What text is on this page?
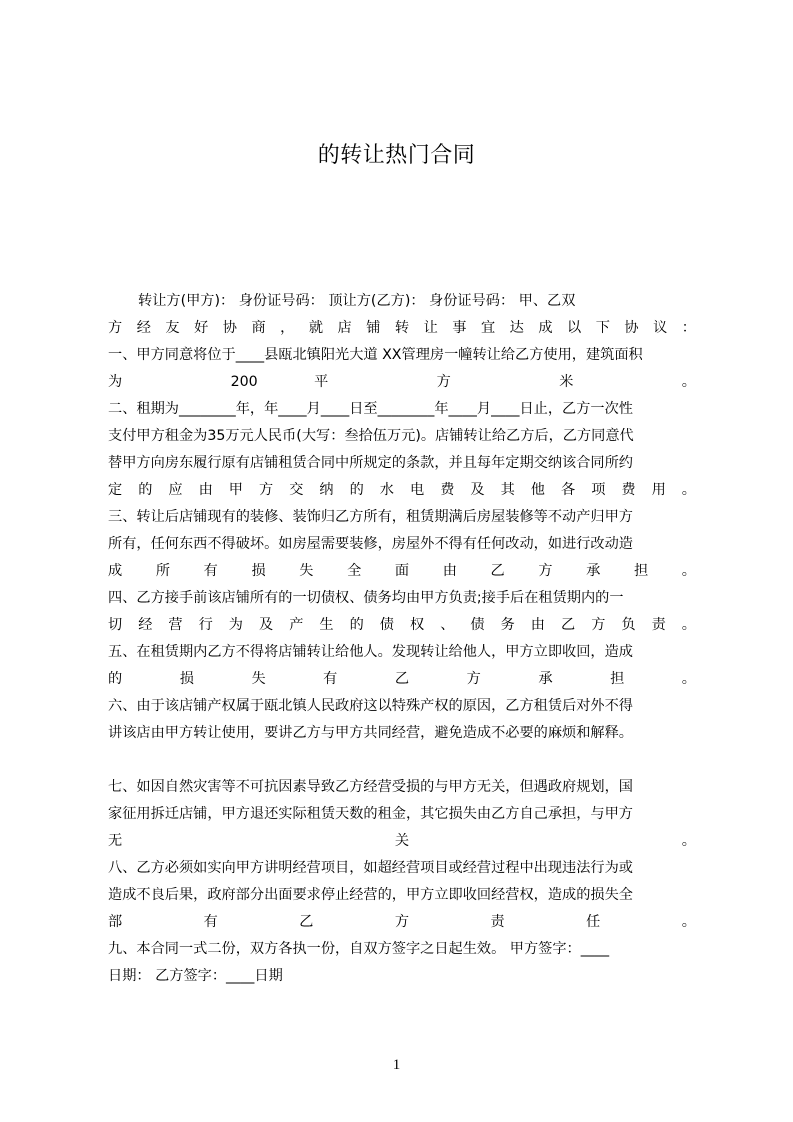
的转让热门合同
转让方(甲方)： 身份证号码： 顶让方(乙方)： 身份证号码： 甲、乙双
方经友好协商，就店铺转让事宜达成以下协议：
一、甲方同意将位于____县瓯北镇阳光大道 XX管理房一幢转让给乙方使用，建筑面积
为 200 平 方 米 。
二、租期为________年，年____月____日至________年____月____日止，乙方一次性
支付甲方租金为35万元人民币(大写：叁拾伍万元)。店铺转让给乙方后，乙方同意代
替甲方向房东履行原有店铺租赁合同中所规定的条款，并且每年定期交纳该合同所约
定的应由甲方交纳的水电费及其他各项费用。
三、转让后店铺现有的装修、装饰归乙方所有，租赁期满后房屋装修等不动产归甲方
所有，任何东西不得破坏。如房屋需要装修，房屋外不得有任何改动，如进行改动造
成 所 有 损 失 全 面 由 乙 方 承 担 。
四、乙方接手前该店铺所有的一切债权、债务均由甲方负责;接手后在租赁期内的一
切经营行为及产生的债权、债务由乙方负责。
五、在租赁期内乙方不得将店铺转让给他人。发现转让给他人，甲方立即收回，造成
的 损 失 有 乙 方 承 担 。
六、由于该店铺产权属于瓯北镇人民政府这以特殊产权的原因，乙方租赁后对外不得
讲该店由甲方转让使用，要讲乙方与甲方共同经营，避免造成不必要的麻烦和解释。
七、如因自然灾害等不可抗因素导致乙方经营受损的与甲方无关，但遇政府规划，国
家征用拆迁店铺，甲方退还实际租赁天数的租金，其它损失由乙方自己承担，与甲方
无 关 。
八、乙方必须如实向甲方讲明经营项目，如超经营项目或经营过程中出现违法行为或
造成不良后果，政府部分出面要求停止经营的，甲方立即收回经营权，造成的损失全
部 有 乙 方 责 任 。
九、本合同一式二份，双方各执一份，自双方签字之日起生效。 甲方签字：____
日期： 乙方签字：____日期
1
